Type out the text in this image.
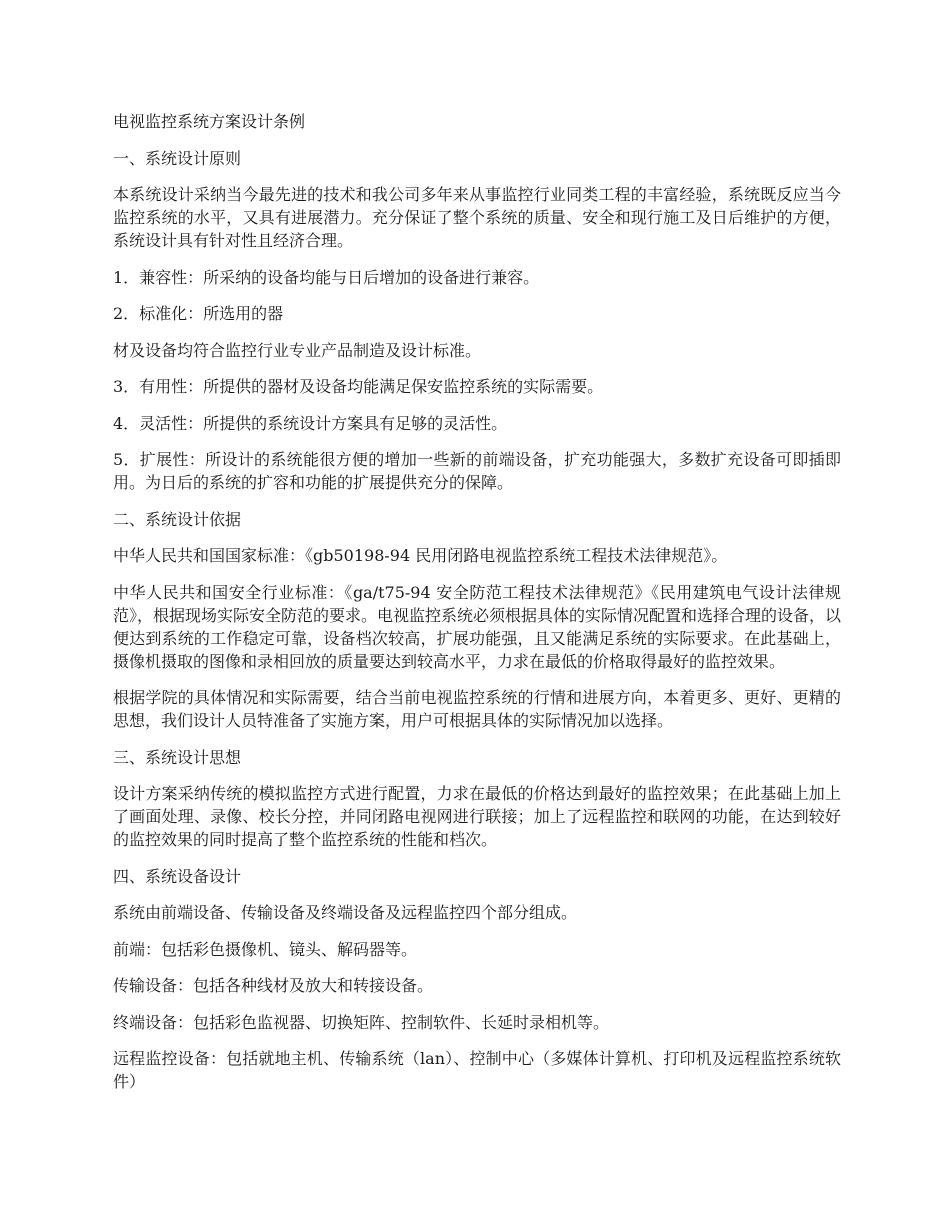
电视监控系统方案设计条例

一、系统设计原则

本系统设计采纳当今最先进的技术和我公司多年来从事监控行业同类工程的丰富经验，系统既反应当今监控系统的水平，又具有进展潜力。充分保证了整个系统的质量、安全和现行施工及日后维护的方便，系统设计具有针对性且经济合理。

1．兼容性：所采纳的设备均能与日后增加的设备进行兼容。

2．标准化：所选用的器

材及设备均符合监控行业专业产品制造及设计标准。

3．有用性：所提供的器材及设备均能满足保安监控系统的实际需要。

4．灵活性：所提供的系统设计方案具有足够的灵活性。

5．扩展性：所设计的系统能很方便的增加一些新的前端设备，扩充功能强大，多数扩充设备可即插即用。为日后的系统的扩容和功能的扩展提供充分的保障。

二、系统设计依据

中华人民共和国国家标准：《gb50198-94 民用闭路电视监控系统工程技术法律规范》。

中华人民共和国安全行业标准：《ga/t75-94 安全防范工程技术法律规范》《民用建筑电气设计法律规范》，根据现场实际安全防范的要求。电视监控系统必须根据具体的实际情况配置和选择合理的设备，以便达到系统的工作稳定可靠，设备档次较高，扩展功能强，且又能满足系统的实际要求。在此基础上，摄像机摄取的图像和录相回放的质量要达到较高水平，力求在最低的价格取得最好的监控效果。

根据学院的具体情况和实际需要，结合当前电视监控系统的行情和进展方向，本着更多、更好、更精的思想，我们设计人员特准备了实施方案，用户可根据具体的实际情况加以选择。

三、系统设计思想

设计方案采纳传统的模拟监控方式进行配置，力求在最低的价格达到最好的监控效果；在此基础上加上了画面处理、录像、校长分控，并同闭路电视网进行联接；加上了远程监控和联网的功能，在达到较好的监控效果的同时提高了整个监控系统的性能和档次。

四、系统设备设计

系统由前端设备、传输设备及终端设备及远程监控四个部分组成。

前端：包括彩色摄像机、镜头、解码器等。

传输设备：包括各种线材及放大和转接设备。

终端设备：包括彩色监视器、切换矩阵、控制软件、长延时录相机等。

远程监控设备：包括就地主机、传输系统（lan）、控制中心（多媒体计算机、打印机及远程监控系统软件）
